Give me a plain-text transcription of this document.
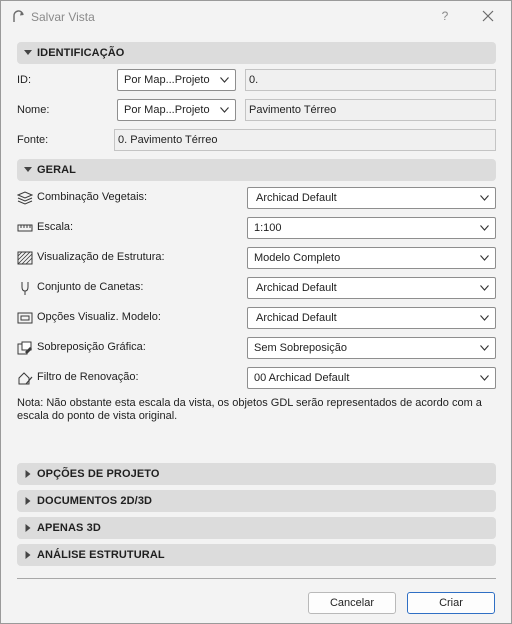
Salvar Vista	?
IDENTIFICAÇÃO
ID:	Por Map...Projeto	0.
Nome:	Por Map...Projeto	Pavimento Térreo
Fonte:	0. Pavimento Térreo
GERAL
Combinação Vegetais:	Archicad Default
Escala:	1:100
Visualização de Estrutura:	Modelo Completo
Conjunto de Canetas:	Archicad Default
Opções Visualiz. Modelo:	Archicad Default
Sobreposição Gráfica:	Sem Sobreposição
Filtro de Renovação:	00 Archicad Default
Nota: Não obstante esta escala da vista, os objetos GDL serão representados de acordo com a escala do ponto de vista original.
OPÇÕES DE PROJETO
DOCUMENTOS 2D/3D
APENAS 3D
ANÁLISE ESTRUTURAL
Cancelar	Criar
